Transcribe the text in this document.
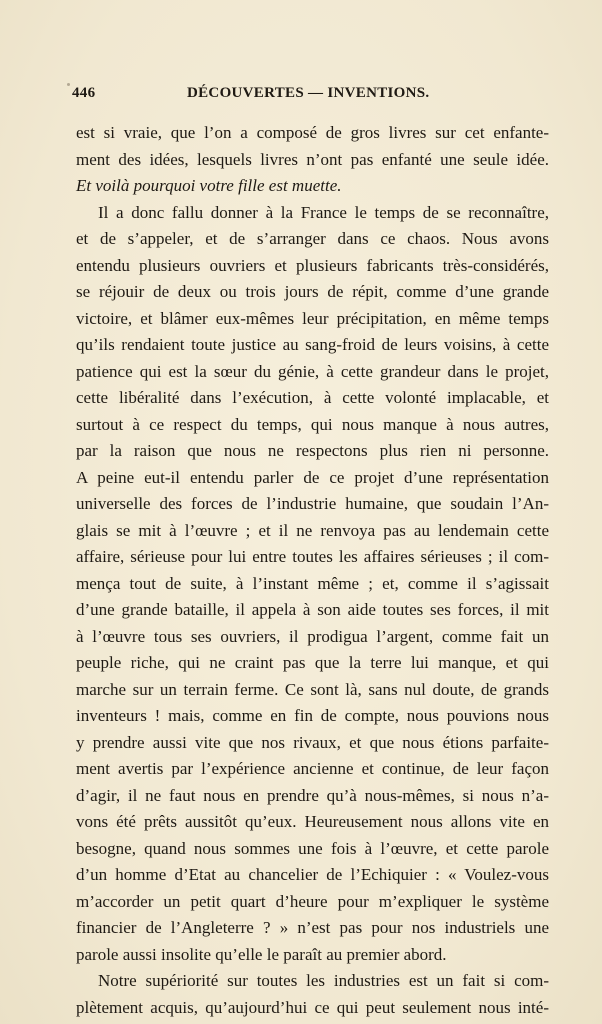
446	DÉCOUVERTES — INVENTIONS.
est si vraie, que l’on a composé de gros livres sur cet enfante-
ment des idées, lesquels livres n’ont pas enfanté une seule idée.
Et voilà pourquoi votre fille est muette.
Il a donc fallu donner à la France le temps de se reconnaître,
et de s’appeler, et de s’arranger dans ce chaos. Nous avons
entendu plusieurs ouvriers et plusieurs fabricants très-considérés,
se réjouir de deux ou trois jours de répit, comme d’une grande
victoire, et blâmer eux-mêmes leur précipitation, en même temps
qu’ils rendaient toute justice au sang-froid de leurs voisins, à cette
patience qui est la sœur du génie, à cette grandeur dans le projet,
cette libéralité dans l’exécution, à cette volonté implacable, et
surtout à ce respect du temps, qui nous manque à nous autres,
par la raison que nous ne respectons plus rien ni personne.
A peine eut-il entendu parler de ce projet d’une représentation
universelle des forces de l’industrie humaine, que soudain l’An-
glais se mit à l’œuvre ; et il ne renvoya pas au lendemain cette
affaire, sérieuse pour lui entre toutes les affaires sérieuses ; il com-
mença tout de suite, à l’instant même ; et, comme il s’agissait
d’une grande bataille, il appela à son aide toutes ses forces, il mit
à l’œuvre tous ses ouvriers, il prodigua l’argent, comme fait un
peuple riche, qui ne craint pas que la terre lui manque, et qui
marche sur un terrain ferme. Ce sont là, sans nul doute, de grands
inventeurs ! mais, comme en fin de compte, nous pouvions nous
y prendre aussi vite que nos rivaux, et que nous étions parfaite-
ment avertis par l’expérience ancienne et continue, de leur façon
d’agir, il ne faut nous en prendre qu’à nous-mêmes, si nous n’a-
vons été prêts aussitôt qu’eux. Heureusement nous allons vite en
besogne, quand nous sommes une fois à l’œuvre, et cette parole
d’un homme d’Etat au chancelier de l’Echiquier : « Voulez-vous
m’accorder un petit quart d’heure pour m’expliquer le système
financier de l’Angleterre ? » n’est pas pour nos industriels une
parole aussi insolite qu’elle le paraît au premier abord.
Notre supériorité sur toutes les industries est un fait si com-
plètement acquis, qu’aujourd’hui ce qui peut seulement nous inté-
